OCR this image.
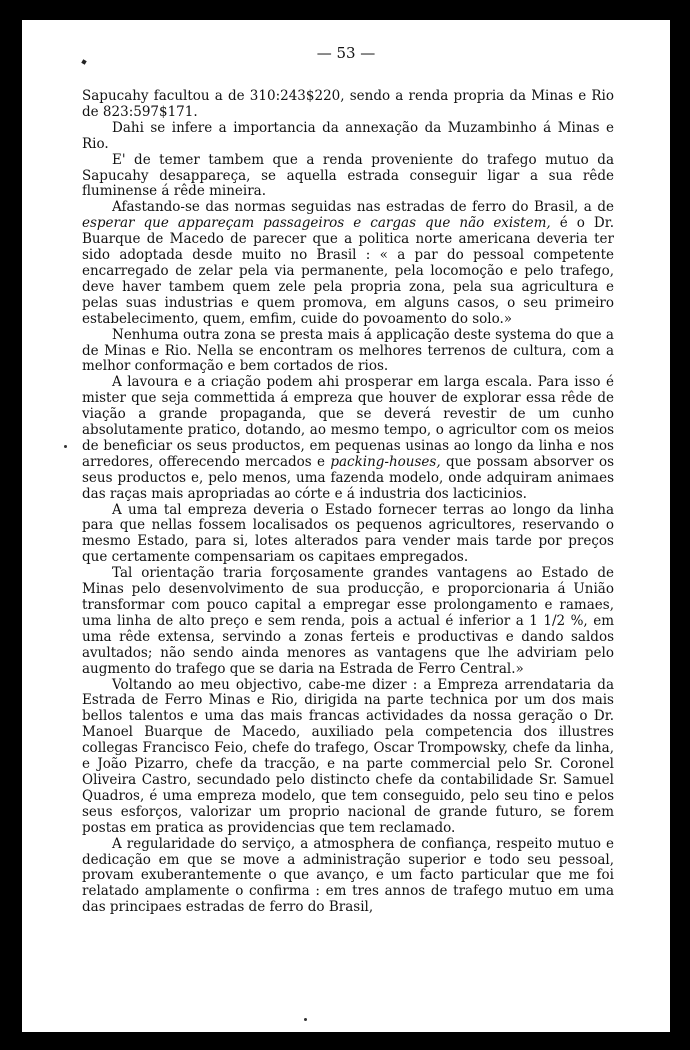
— 53 —

Sapucahy facultou a de 310:243$220, sendo a renda propria da Minas e Rio de 823:597$171.

Dahi se infere a importancia da annexação da Muzambinho á Minas e Rio.

E' de temer tambem que a renda proveniente do trafego mutuo da Sapucahy desappareça, se aquella estrada conseguir ligar a sua rêde fluminense á rêde mineira.

Afastando-se das normas seguidas nas estradas de ferro do Brasil, a de esperar que appareçam passageiros e cargas que não existem, é o Dr. Buarque de Macedo de parecer que a politica norte americana deveria ter sido adoptada desde muito no Brasil : « a par do pessoal competente encarregado de zelar pela via permanente, pela locomoção e pelo trafego, deve haver tambem quem zele pela propria zona, pela sua agricultura e pelas suas industrias e quem promova, em alguns casos, o seu primeiro estabelecimento, quem, emfim, cuide do povoamento do solo.»

Nenhuma outra zona se presta mais á applicação deste systema do que a de Minas e Rio. Nella se encontram os melhores terrenos de cultura, com a melhor conformação e bem cortados de rios.

A lavoura e a criação podem ahi prosperar em larga escala. Para isso é mister que seja commettida á empreza que houver de explorar essa rêde de viação a grande propaganda, que se deverá revestir de um cunho absolutamente pratico, dotando, ao mesmo tempo, o agricultor com os meios de beneficiar os seus productos, em pequenas usinas ao longo da linha e nos arredores, offerecendo mercados e packing-houses, que possam absorver os seus productos e, pelo menos, uma fazenda modelo, onde adquiram animaes das raças mais apropriadas ao córte e á industria dos lacticinios.

A uma tal empreza deveria o Estado fornecer terras ao longo da linha para que nellas fossem localisados os pequenos agricultores, reservando o mesmo Estado, para si, lotes alterados para vender mais tarde por preços que certamente compensariam os capitaes empregados.

Tal orientação traria forçosamente grandes vantagens ao Estado de Minas pelo desenvolvimento de sua producção, e proporcionaria á União transformar com pouco capital a empregar esse prolongamento e ramaes, uma linha de alto preço e sem renda, pois a actual é inferior a 1 1/2 %, em uma rêde extensa, servindo a zonas ferteis e productivas e dando saldos avultados; não sendo ainda menores as vantagens que lhe adviriam pelo augmento do trafego que se daria na Estrada de Ferro Central.»

Voltando ao meu objectivo, cabe-me dizer : a Empreza arrendataria da Estrada de Ferro Minas e Rio, dirigida na parte technica por um dos mais bellos talentos e uma das mais francas actividades da nossa geração o Dr. Manoel Buarque de Macedo, auxiliado pela competencia dos illustres collegas Francisco Feio, chefe do trafego, Oscar Trompowsky, chefe da linha, e João Pizarro, chefe da tracção, e na parte commercial pelo Sr. Coronel Oliveira Castro, secundado pelo distincto chefe da contabilidade Sr. Samuel Quadros, é uma empreza modelo, que tem conseguido, pelo seu tino e pelos seus esforços, valorizar um proprio nacional de grande futuro, se forem postas em pratica as providencias que tem reclamado.

A regularidade do serviço, a atmosphera de confiança, respeito mutuo e dedicação em que se move a administração superior e todo seu pessoal, provam exuberantemente o que avanço, e um facto particular que me foi relatado amplamente o confirma : em tres annos de trafego mutuo em uma das principaes estradas de ferro do Brasil,
